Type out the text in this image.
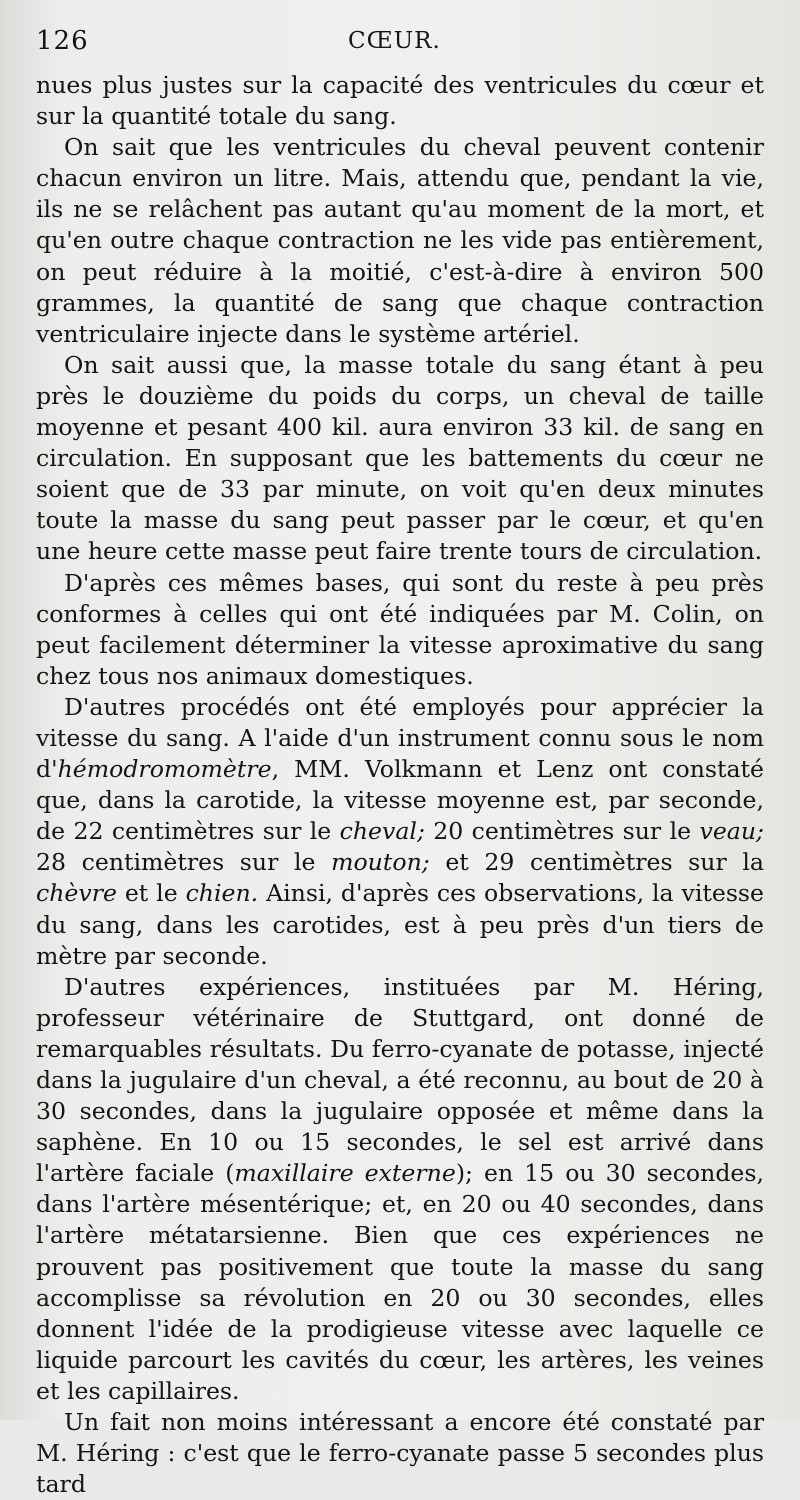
126	CŒUR.

nues plus justes sur la capacité des ventricules du cœur et sur la quantité totale du sang.

On sait que les ventricules du cheval peuvent contenir chacun environ un litre. Mais, attendu que, pendant la vie, ils ne se relâchent pas autant qu'au moment de la mort, et qu'en outre chaque contraction ne les vide pas entièrement, on peut réduire à la moitié, c'est-à-dire à environ 500 grammes, la quantité de sang que chaque contraction ventriculaire injecte dans le système artériel.

On sait aussi que, la masse totale du sang étant à peu près le douzième du poids du corps, un cheval de taille moyenne et pesant 400 kil. aura environ 33 kil. de sang en circulation. En supposant que les battements du cœur ne soient que de 33 par minute, on voit qu'en deux minutes toute la masse du sang peut passer par le cœur, et qu'en une heure cette masse peut faire trente tours de circulation.

D'après ces mêmes bases, qui sont du reste à peu près conformes à celles qui ont été indiquées par M. Colin, on peut facilement déterminer la vitesse aproximative du sang chez tous nos animaux domestiques.

D'autres procédés ont été employés pour apprécier la vitesse du sang. A l'aide d'un instrument connu sous le nom d'hémodromomètre, MM. Volkmann et Lenz ont constaté que, dans la carotide, la vitesse moyenne est, par seconde, de 22 centimètres sur le cheval; 20 centimètres sur le veau; 28 centimètres sur le mouton; et 29 centimètres sur la chèvre et le chien. Ainsi, d'après ces observations, la vitesse du sang, dans les carotides, est à peu près d'un tiers de mètre par seconde.

D'autres expériences, instituées par M. Héring, professeur vétérinaire de Stuttgard, ont donné de remarquables résultats. Du ferro-cyanate de potasse, injecté dans la jugulaire d'un cheval, a été reconnu, au bout de 20 à 30 secondes, dans la jugulaire opposée et même dans la saphène. En 10 ou 15 secondes, le sel est arrivé dans l'artère faciale (maxillaire externe); en 15 ou 30 secondes, dans l'artère mésentérique; et, en 20 ou 40 secondes, dans l'artère métatarsienne. Bien que ces expériences ne prouvent pas positivement que toute la masse du sang accomplisse sa révolution en 20 ou 30 secondes, elles donnent l'idée de la prodigieuse vitesse avec laquelle ce liquide parcourt les cavités du cœur, les artères, les veines et les capillaires.

Un fait non moins intéressant a encore été constaté par M. Héring : c'est que le ferro-cyanate passe 5 secondes plus tard
